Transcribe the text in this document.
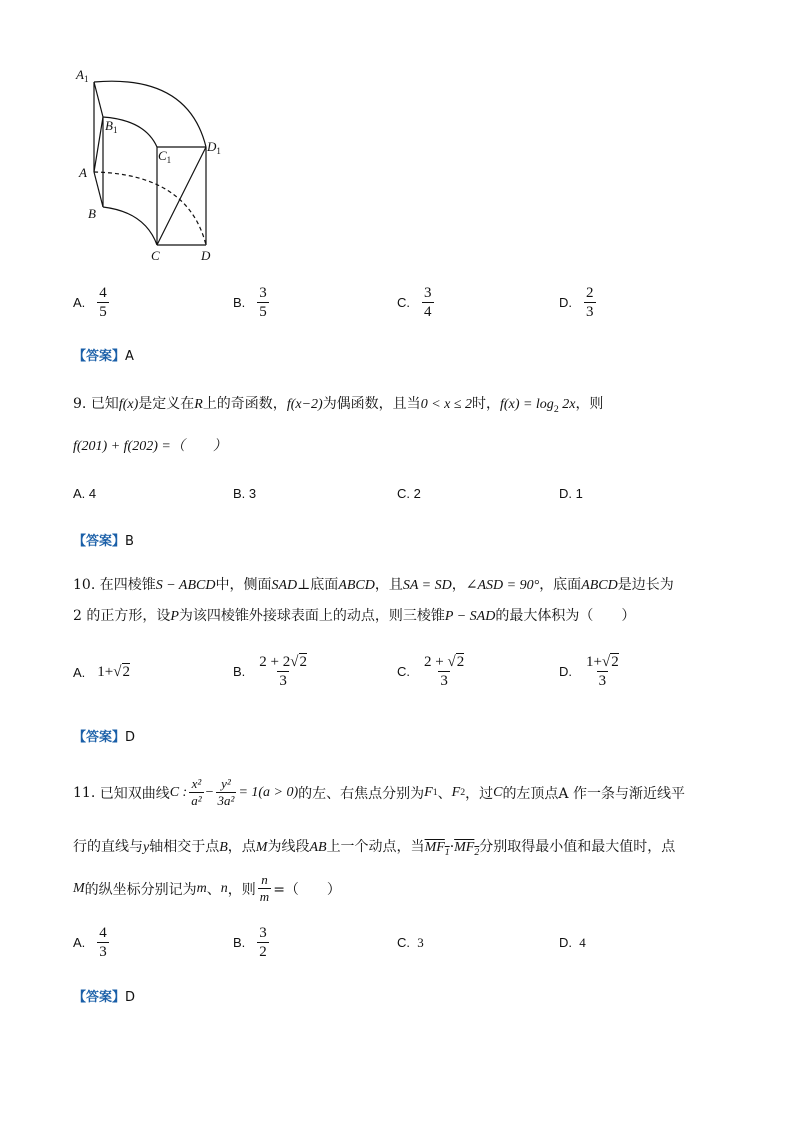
$A_1$
$B_1$
$C_1$
$D_1$
A
B
C	D
A. $\frac{4}{5}$	B. $\frac{3}{5}$	C. $\frac{3}{4}$	D. $\frac{2}{3}$
【答案】A
9. 已知f(x)是定义在R上的奇函数，f(x−2)为偶函数，且当0 < x ≤ 2时，$f(x) = \log_2 2x$，则
f(201) + f(202) =（　　）
A. 4	B. 3	C. 2	D. 1
【答案】B
10. 在四棱锥S − ABCD中，侧面SAD⊥底面ABCD，且SA = SD，∠ASD = 90°，底面ABCD是边长为
2 的正方形，设P为该四棱锥外接球表面上的动点，则三棱锥P − SAD的最大体积为（　　）
A. 1+√2	B. $\frac{2 + 2√2}{3}$	C. $\frac{2 + √2}{3}$	D. $\frac{1+√2}{3}$
【答案】D
11.
已知双曲线 C : $\frac{\text{x²}}{\text{a²}} - \frac{\text{y²}}{\text{3a²}} = 1(a > 0)$ 的左、右焦点分别为 F 1 、 F 2 ，过 C 的左顶点A 作一条与渐近线平
行的直线与y轴相交于点B，点M为线段AB上一个动点，当$MF_1\cdot MF_2$分别取得最小值和最大值时，点
M 的纵坐标分别记为 m 、 n ，则 $\frac{n}{m}$ =（　　）
A. $\frac{4}{3}$	B. $\frac{3}{2}$	C. 3	D. 4
【答案】D
